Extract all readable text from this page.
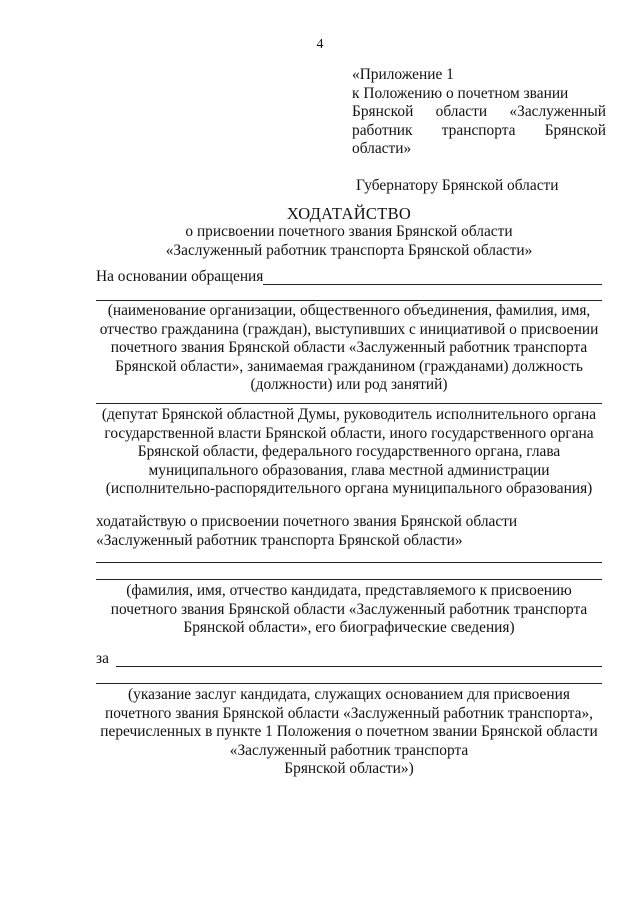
4
«Приложение 1
к Положению о почетном звании
Брянской области «Заслуженный
работник транспорта Брянской
области»
Губернатору Брянской области
ХОДАТАЙСТВО
о присвоении почетного звания Брянской области
«Заслуженный работник транспорта Брянской области»
На основании обращения
(наименование организации, общественного объединения, фамилия, имя,
отчество гражданина (граждан), выступивших с инициативой о присвоении
почетного звания Брянской области «Заслуженный работник транспорта
Брянской области», занимаемая гражданином (гражданами) должность
(должности) или род занятий)
(депутат Брянской областной Думы, руководитель исполнительного органа
государственной власти Брянской области, иного государственного органа
Брянской области, федерального государственного органа, глава
муниципального образования, глава местной администрации
(исполнительно-распорядительного органа муниципального образования)
ходатайствую о присвоении почетного звания Брянской области
«Заслуженный работник транспорта Брянской области»
(фамилия, имя, отчество кандидата, представляемого к присвоению
почетного звания Брянской области «Заслуженный работник транспорта
Брянской области», его биографические сведения)
за
(указание заслуг кандидата, служащих основанием для присвоения
почетного звания Брянской области «Заслуженный работник транспорта»,
перечисленных в пункте 1 Положения о почетном звании Брянской области
«Заслуженный работник транспорта
Брянской области»)
